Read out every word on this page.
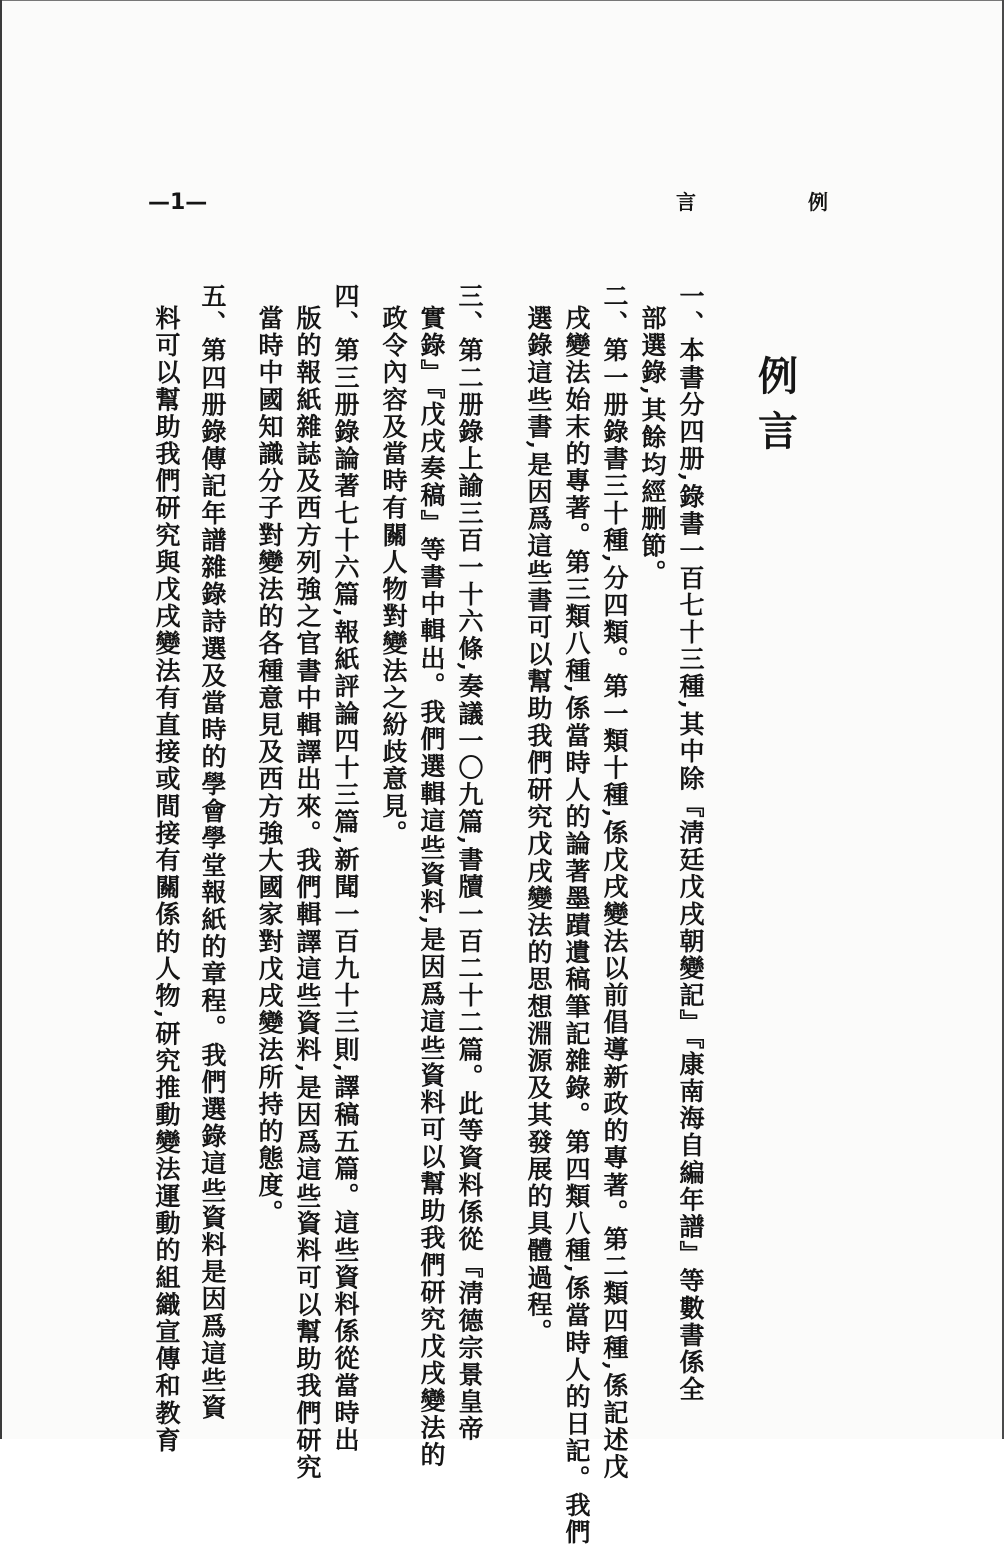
例
言
—1—
例
言
一、本書分四册,錄書一百七十三種,其中除『淸廷戊戌朝變記』『康南海自編年譜』等數書係全
部選錄,其餘均經删節。
二、第一册錄書三十種,分四類。第一類十種,係戊戌變法以前倡導新政的專著。第二類四種,係記述戊
戌變法始末的專著。第三類八種,係當時人的論著墨蹟遺稿筆記雜錄。第四類八種,係當時人的日記。我們
選錄這些書,是因爲這些書可以幫助我們研究戊戌變法的思想淵源及其發展的具體過程。
三、第二册錄上諭三百一十六條,奏議一〇九篇,書牘一百二十二篇。此等資料係從『淸德宗景皇帝
實錄』『戊戌奏稿』等書中輯出。我們選輯這些資料,是因爲這些資料可以幫助我們研究戊戌變法的
政令內容及當時有關人物對變法之紛歧意見。
四、第三册錄論著七十六篇,報紙評論四十三篇,新聞一百九十三則,譯稿五篇。這些資料係從當時出
版的報紙雜誌及西方列強之官書中輯譯出來。我們輯譯這些資料,是因爲這些資料可以幫助我們研究
當時中國知識分子對變法的各種意見及西方強大國家對戊戌變法所持的態度。
五、第四册錄傳記年譜雜錄詩選及當時的學會學堂報紙的章程。我們選錄這些資料是因爲這些資
料可以幫助我們研究與戊戌變法有直接或間接有關係的人物,研究推動變法運動的組織宣傳和教育
